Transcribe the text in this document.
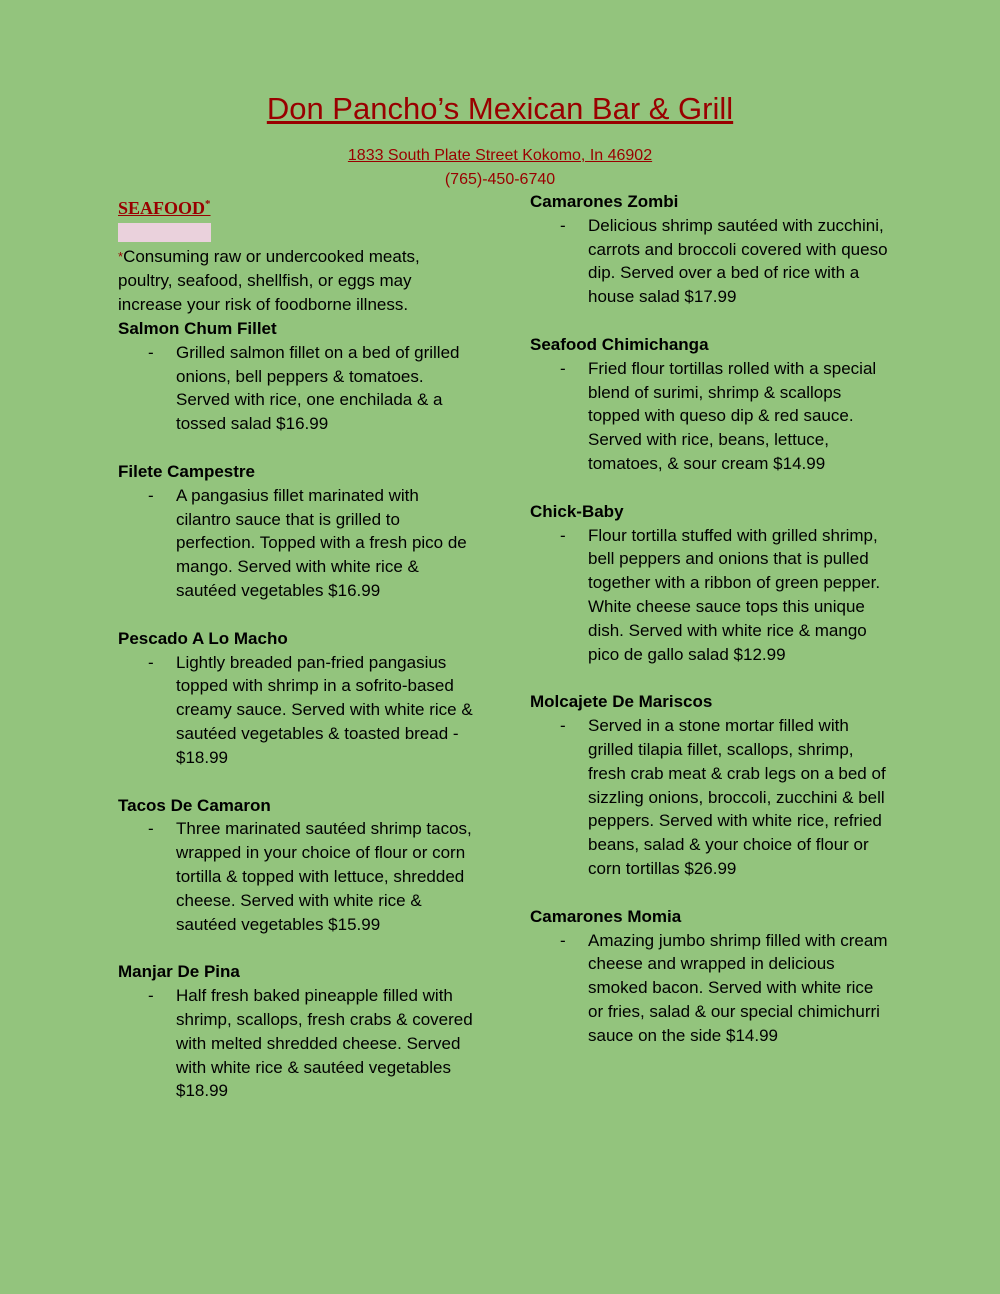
Don Pancho’s Mexican Bar & Grill
1833 South Plate Street Kokomo, In 46902
(765)-450-6740
SEAFOOD*
*Consuming raw or undercooked meats, poultry, seafood, shellfish, or eggs may increase your risk of foodborne illness.
Salmon Chum Fillet
- Grilled salmon fillet on a bed of grilled onions, bell peppers & tomatoes. Served with rice, one enchilada & a tossed salad $16.99
Filete Campestre
- A pangasius fillet marinated with cilantro sauce that is grilled to perfection. Topped with a fresh pico de mango. Served with white rice & sautéed vegetables $16.99
Pescado A Lo Macho
- Lightly breaded pan-fried pangasius topped with shrimp in a sofrito-based creamy sauce. Served with white rice & sautéed vegetables & toasted bread - $18.99
Tacos De Camaron
- Three marinated sautéed shrimp tacos, wrapped in your choice of flour or corn tortilla & topped with lettuce, shredded cheese. Served with white rice & sautéed vegetables $15.99
Manjar De Pina
- Half fresh baked pineapple filled with shrimp, scallops, fresh crabs & covered with melted shredded cheese. Served with white rice & sautéed vegetables $18.99
Camarones Zombi
- Delicious shrimp sautéed with zucchini, carrots and broccoli covered with queso dip. Served over a bed of rice with a house salad $17.99
Seafood Chimichanga
- Fried flour tortillas rolled with a special blend of surimi, shrimp & scallops topped with queso dip & red sauce. Served with rice, beans, lettuce, tomatoes, & sour cream $14.99
Chick-Baby
- Flour tortilla stuffed with grilled shrimp, bell peppers and onions that is pulled together with a ribbon of green pepper. White cheese sauce tops this unique dish. Served with white rice & mango pico de gallo salad $12.99
Molcajete De Mariscos
- Served in a stone mortar filled with grilled tilapia fillet, scallops, shrimp, fresh crab meat & crab legs on a bed of sizzling onions, broccoli, zucchini & bell peppers. Served with white rice, refried beans, salad & your choice of flour or corn tortillas $26.99
Camarones Momia
- Amazing jumbo shrimp filled with cream cheese and wrapped in delicious smoked bacon. Served with white rice or fries, salad & our special chimichurri sauce on the side $14.99
